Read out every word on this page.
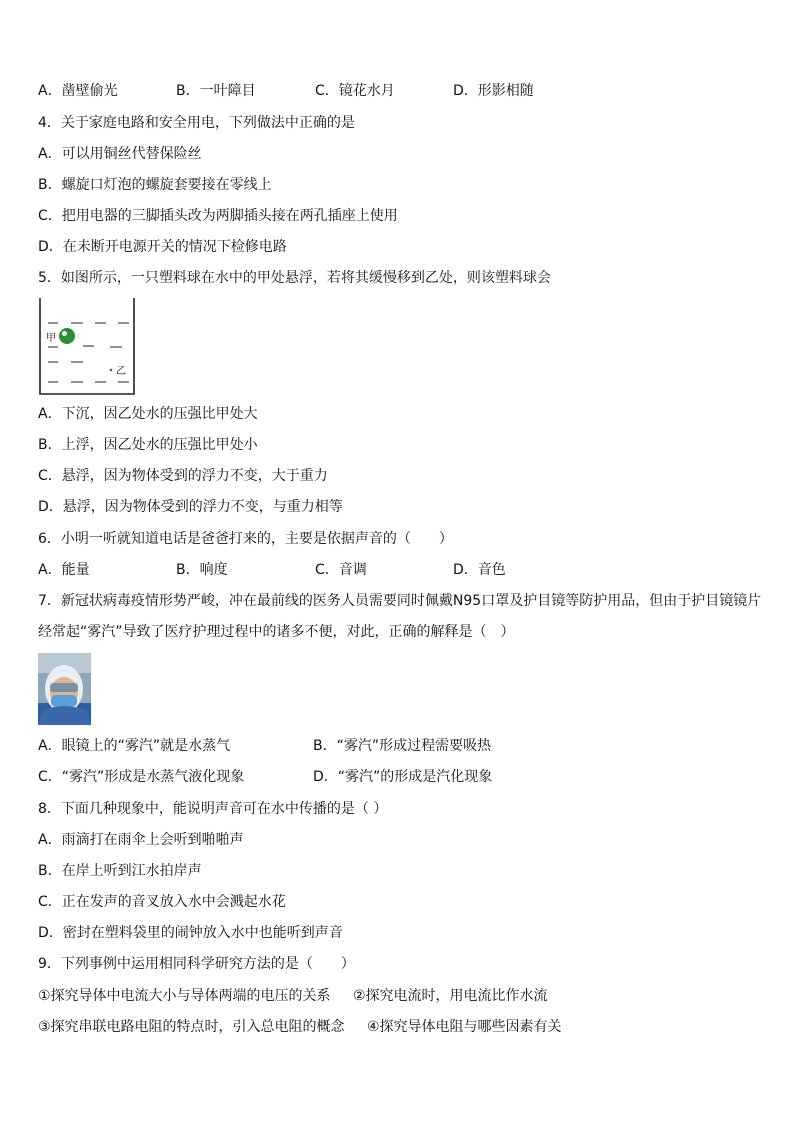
A．凿壁偷光	B．一叶障目	C．镜花水月	D．形影相随
4．关于家庭电路和安全用电，下列做法中正确的是
A．可以用铜丝代替保险丝
B．螺旋口灯泡的螺旋套要接在零线上
C．把用电器的三脚插头改为两脚插头接在两孔插座上使用
D．在未断开电源开关的情况下检修电路
5．如图所示，一只塑料球在水中的甲处悬浮，若将其缓慢移到乙处，则该塑料球会
甲
乙
A．下沉，因乙处水的压强比甲处大
B．上浮，因乙处水的压强比甲处小
C．悬浮，因为物体受到的浮力不变，大于重力
D．悬浮，因为物体受到的浮力不变，与重力相等
6．小明一听就知道电话是爸爸打来的，主要是依据声音的（　　）
A．能量	B．响度	C．音调	D．音色
7．新冠状病毒疫情形势严峻，冲在最前线的医务人员需要同时佩戴N95口罩及护目镜等防护用品，但由于护目镜镜片
经常起“雾汽”导致了医疗护理过程中的诸多不便，对此，正确的解释是（　）
A．眼镜上的“雾汽”就是水蒸气	B．“雾汽”形成过程需要吸热
C．“雾汽”形成是水蒸气液化现象	D．“雾汽”的形成是汽化现象
8．下面几种现象中，能说明声音可在水中传播的是（ ）
A．雨滴打在雨伞上会听到啪啪声
B．在岸上听到江水拍岸声
C．正在发声的音叉放入水中会溅起水花
D．密封在塑料袋里的闹钟放入水中也能听到声音
9．下列事例中运用相同科学研究方法的是（　　）
①探究导体中电流大小与导体两端的电压的关系 ②探究电流时，用电流比作水流
③探究串联电路电阻的特点时，引入总电阻的概念 ④探究导体电阻与哪些因素有关
